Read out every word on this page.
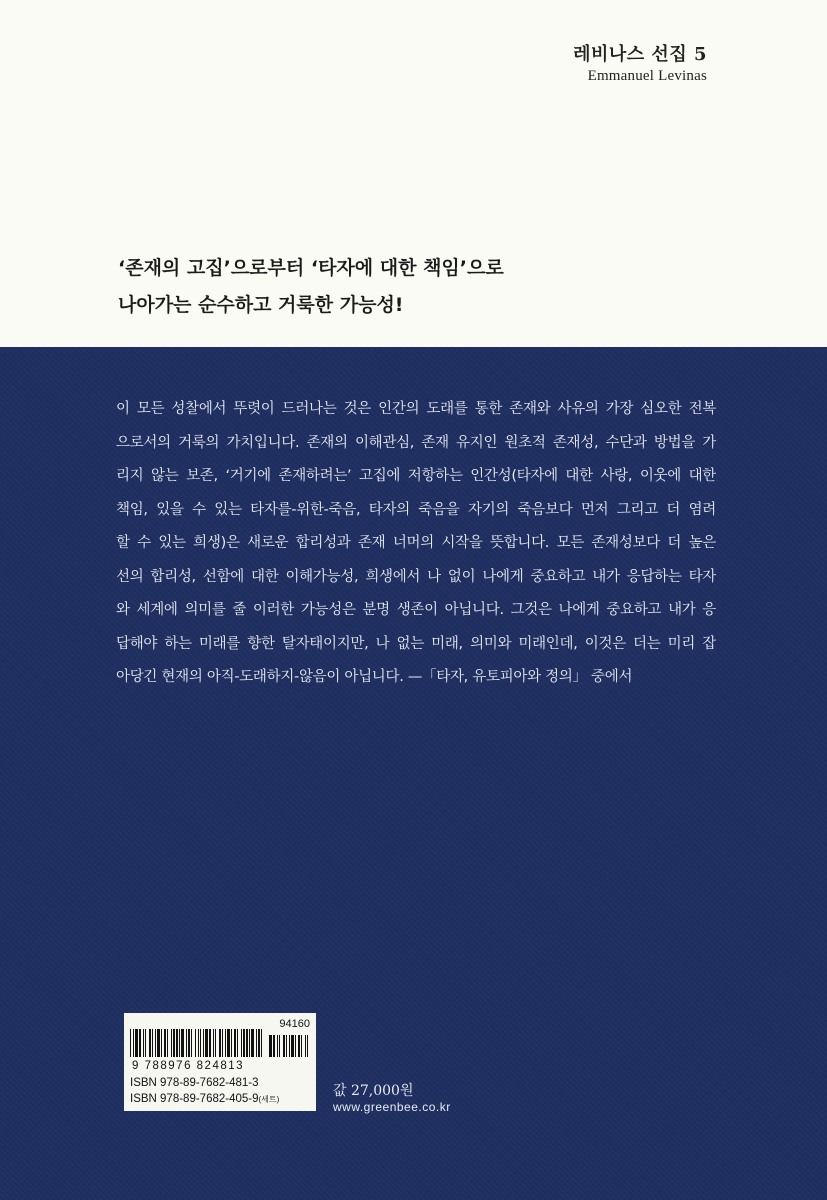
레비나스 선집 5
Emmanuel Levinas
‘존재의 고집’으로부터 ‘타자에 대한 책임’으로
나아가는 순수하고 거룩한 가능성!
이 모든 성찰에서 뚜렷이 드러나는 것은 인간의 도래를 통한 존재와 사유의 가장 심오한 전복
으로서의 거룩의 가치입니다. 존재의 이해관심, 존재 유지인 원초적 존재성, 수단과 방법을 가
리지 않는 보존, ‘거기에 존재하려는’ 고집에 저항하는 인간성(타자에 대한 사랑, 이웃에 대한
책임, 있을 수 있는 타자를-위한-죽음, 타자의 죽음을 자기의 죽음보다 먼저 그리고 더 염려
할 수 있는 희생)은 새로운 합리성과 존재 너머의 시작을 뜻합니다. 모든 존재성보다 더 높은
선의 합리성, 선함에 대한 이해가능성, 희생에서 나 없이 나에게 중요하고 내가 응답하는 타자
와 세계에 의미를 줄 이러한 가능성은 분명 생존이 아닙니다. 그것은 나에게 중요하고 내가 응
답해야 하는 미래를 향한 탈자태이지만, 나 없는 미래, 의미와 미래인데, 이것은 더는 미리 잡
아당긴 현재의 아직-도래하지-않음이 아닙니다. —「타자, 유토피아와 정의」 중에서
94160
9 788976 824813
ISBN 978-89-7682-481-3
ISBN 978-89-7682-405-9(세트)
값 27,000원
www.greenbee.co.kr
